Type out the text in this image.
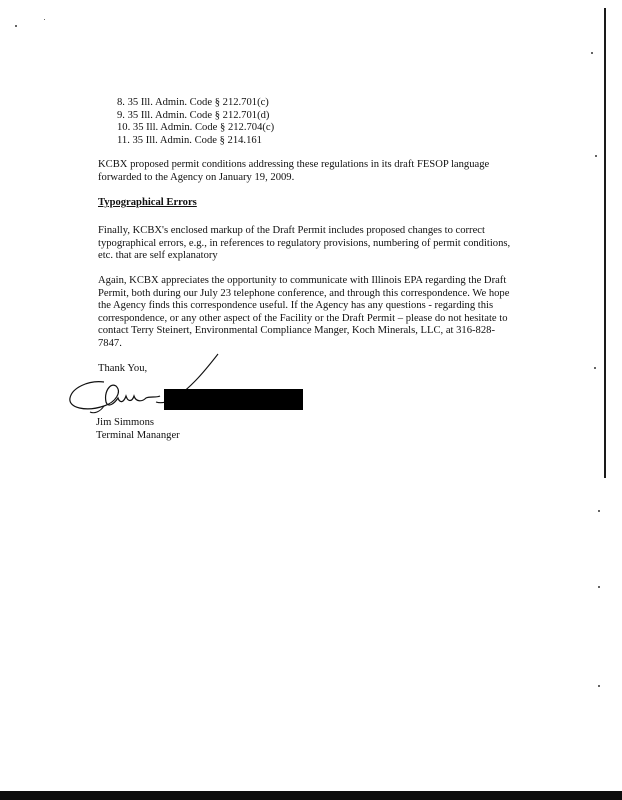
8. 35 Ill. Admin. Code § 212.701(c)
9. 35 Ill. Admin. Code § 212.701(d)
10. 35 Ill. Admin. Code § 212.704(c)
11. 35 Ill. Admin. Code § 214.161

KCBX proposed permit conditions addressing these regulations in its draft FESOP language forwarded to the Agency on January 19, 2009.

Typographical Errors

Finally, KCBX's enclosed markup of the Draft Permit includes proposed changes to correct typographical errors, e.g., in references to regulatory provisions, numbering of permit conditions, etc. that are self explanatory

Again, KCBX appreciates the opportunity to communicate with Illinois EPA regarding the Draft Permit, both during our July 23 telephone conference, and through this correspondence. We hope the Agency finds this correspondence useful. If the Agency has any questions - regarding this correspondence, or any other aspect of the Facility or the Draft Permit – please do not hesitate to contact Terry Steinert, Environmental Compliance Manger, Koch Minerals, LLC, at 316-828-7847.

Thank You,
Jim Simmons
Terminal Mananger
